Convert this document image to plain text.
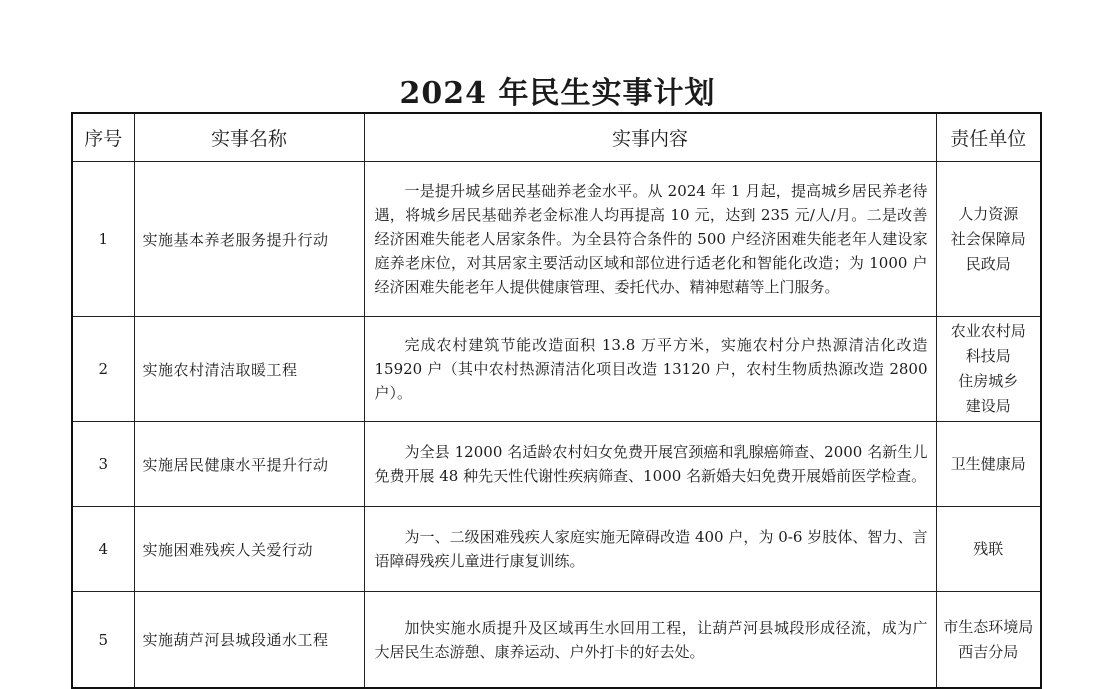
2024 年民生实事计划
序号	实事名称	实事内容	责任单位
1	实施基本养老服务提升行动	一是提升城乡居民基础养老金水平。从 2024 年 1 月起，提高城乡居民养老待遇，将城乡居民基础养老金标准人均再提高 10 元，达到 235 元/人/月。二是改善经济困难失能老人居家条件。为全县符合条件的 500 户经济困难失能老年人建设家庭养老床位，对其居家主要活动区域和部位进行适老化和智能化改造；为 1000 户经济困难失能老年人提供健康管理、委托代办、精神慰藉等上门服务。	人力资源
社会保障局
民政局

2	实施农村清洁取暖工程	完成农村建筑节能改造面积 13.8 万平方米，实施农村分户热源清洁化改造 15920 户（其中农村热源清洁化项目改造 13120 户，农村生物质热源改造 2800 户）。	农业农村局
科技局
住房城乡
建设局

3	实施居民健康水平提升行动	为全县 12000 名适龄农村妇女免费开展宫颈癌和乳腺癌筛查、2000 名新生儿免费开展 48 种先天性代谢性疾病筛查、1000 名新婚夫妇免费开展婚前医学检查。	卫生健康局

4	实施困难残疾人关爱行动	为一、二级困难残疾人家庭实施无障碍改造 400 户，为 0-6 岁肢体、智力、言语障碍残疾儿童进行康复训练。	残联

5	实施葫芦河县城段通水工程	加快实施水质提升及区域再生水回用工程，让葫芦河县城段形成径流，成为广大居民生态游憩、康养运动、户外打卡的好去处。	市生态环境局
西吉分局
